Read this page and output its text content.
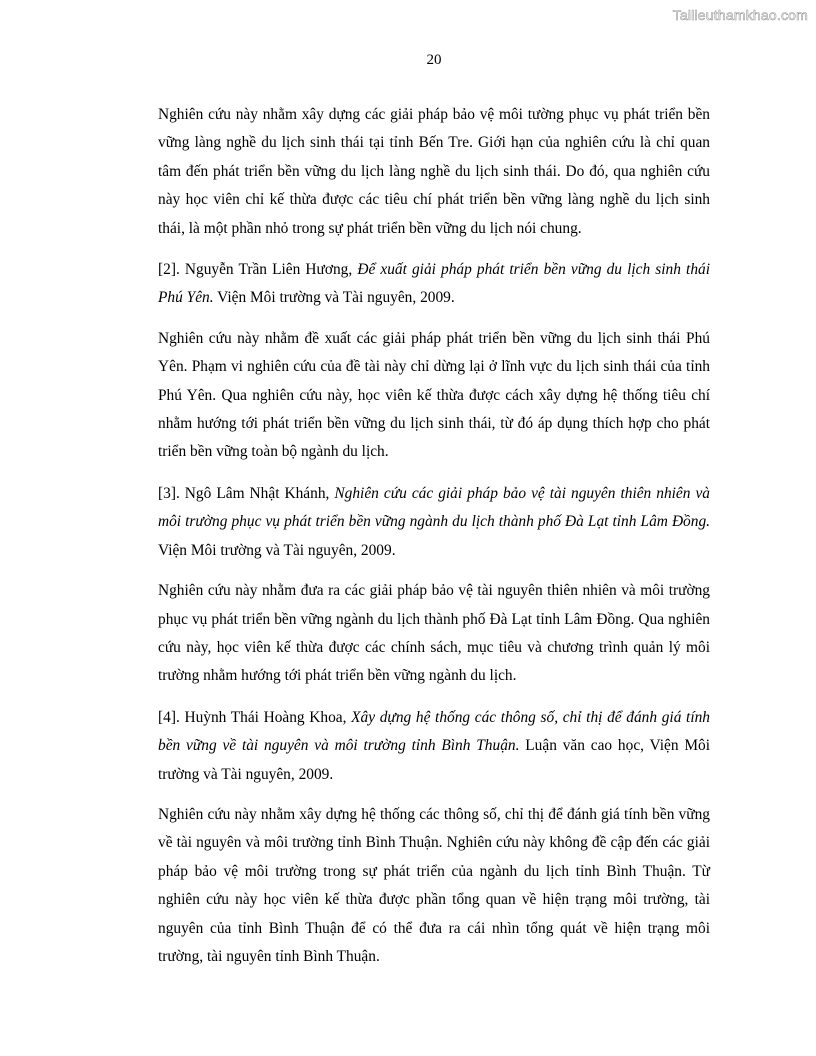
Tailieuthamkhao.com
20

Nghiên cứu này nhằm xây dựng các giải pháp bảo vệ môi tường phục vụ phát triển bền vững làng nghề du lịch sinh thái tại tỉnh Bến Tre. Giới hạn của nghiên cứu là chỉ quan tâm đến phát triển bền vững du lịch làng nghề du lịch sinh thái. Do đó, qua nghiên cứu này học viên chỉ kế thừa được các tiêu chí phát triển bền vững làng nghề du lịch sinh thái, là một phần nhỏ trong sự phát triển bền vững du lịch nói chung.

[2]. Nguyễn Trần Liên Hương, Để xuất giải pháp phát triển bền vững du lịch sinh thái Phú Yên. Viện Môi trường và Tài nguyên, 2009.

Nghiên cứu này nhằm đề xuất các giải pháp phát triển bền vững du lịch sinh thái Phú Yên. Phạm vi nghiên cứu của đề tài này chỉ dừng lại ở lĩnh vực du lịch sinh thái của tỉnh Phú Yên. Qua nghiên cứu này, học viên kế thừa được cách xây dựng hệ thống tiêu chí nhằm hướng tới phát triển bền vững du lịch sinh thái, từ đó áp dụng thích hợp cho phát triển bền vững toàn bộ ngành du lịch.

[3]. Ngô Lâm Nhật Khánh, Nghiên cứu các giải pháp bảo vệ tài nguyên thiên nhiên và môi trường phục vụ phát triển bền vững ngành du lịch thành phố Đà Lạt tỉnh Lâm Đồng. Viện Môi trường và Tài nguyên, 2009.

Nghiên cứu này nhằm đưa ra các giải pháp bảo vệ tài nguyên thiên nhiên và môi trường phục vụ phát triển bền vững ngành du lịch thành phố Đà Lạt tỉnh Lâm Đồng. Qua nghiên cứu này, học viên kế thừa được các chính sách, mục tiêu và chương trình quản lý môi trường nhằm hướng tới phát triển bền vững ngành du lịch.

[4]. Huỳnh Thái Hoàng Khoa, Xây dựng hệ thống các thông số, chỉ thị để đánh giá tính bền vững về tài nguyên và môi trường tỉnh Bình Thuận. Luận văn cao học, Viện Môi trường và Tài nguyên, 2009.

Nghiên cứu này nhằm xây dựng hệ thống các thông số, chỉ thị để đánh giá tính bền vững về tài nguyên và môi trường tỉnh Bình Thuận. Nghiên cứu này không đề cập đến các giải pháp bảo vệ môi trường trong sự phát triển của ngành du lịch tỉnh Bình Thuận. Từ nghiên cứu này học viên kế thừa được phần tổng quan về hiện trạng môi trường, tài nguyên của tỉnh Bình Thuận để có thể đưa ra cái nhìn tổng quát về hiện trạng môi trường, tài nguyên tỉnh Bình Thuận.
